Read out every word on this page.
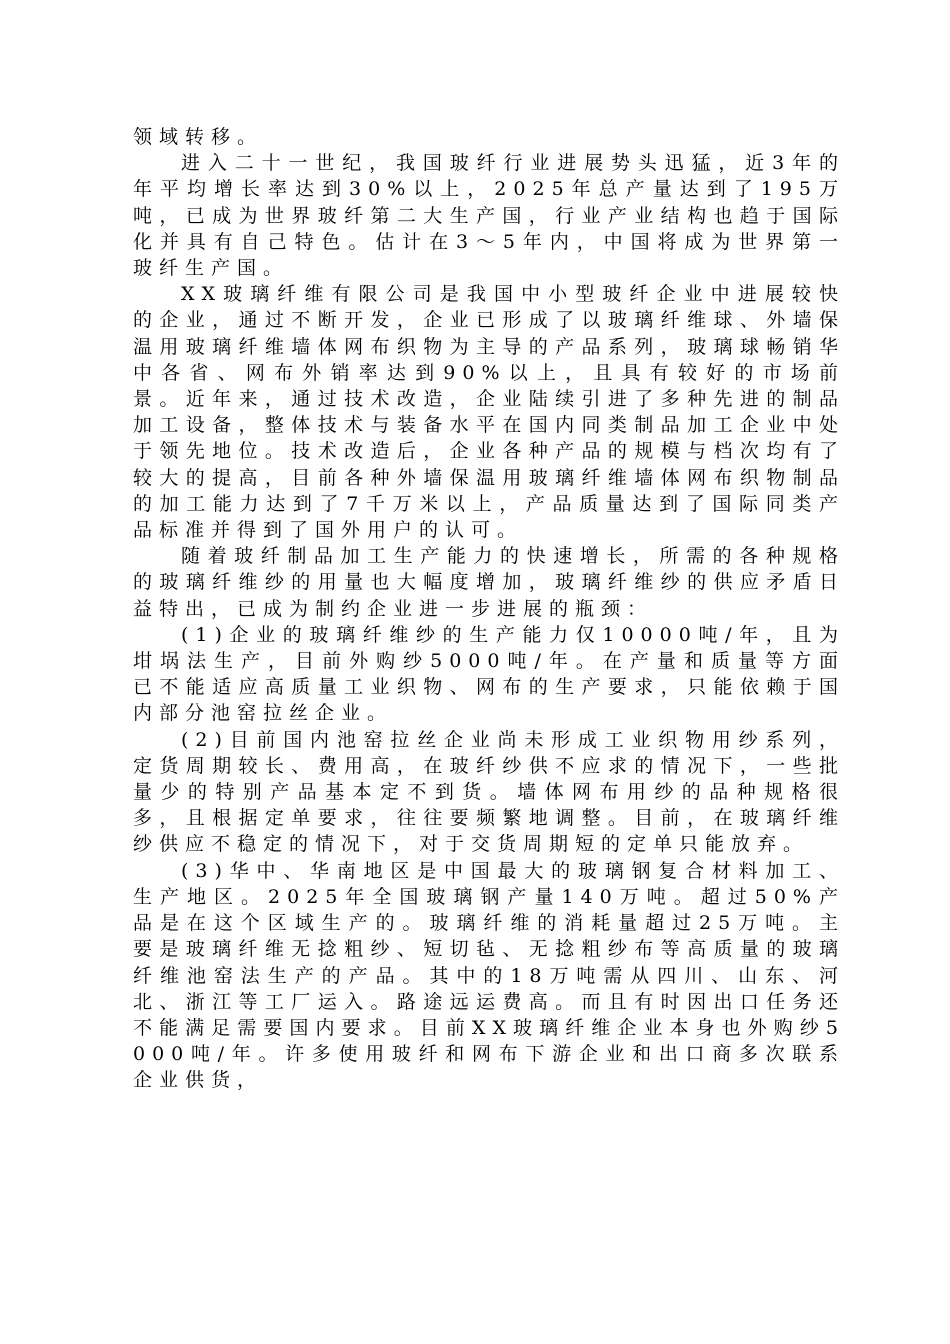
领域转移。

进入二十一世纪，我国玻纤行业进展势头迅猛，近3年的年平均增长率达到30%以上，2025年总产量达到了195万吨，已成为世界玻纤第二大生产国，行业产业结构也趋于国际化并具有自己特色。估计在3～5年内，中国将成为世界第一玻纤生产国。

XX玻璃纤维有限公司是我国中小型玻纤企业中进展较快的企业，通过不断开发，企业已形成了以玻璃纤维球、外墙保温用玻璃纤维墙体网布织物为主导的产品系列，玻璃球畅销华中各省、网布外销率达到90%以上，且具有较好的市场前景。近年来，通过技术改造，企业陆续引进了多种先进的制品加工设备，整体技术与装备水平在国内同类制品加工企业中处于领先地位。技术改造后，企业各种产品的规模与档次均有了较大的提高，目前各种外墙保温用玻璃纤维墙体网布织物制品的加工能力达到了7千万米以上，产品质量达到了国际同类产品标准并得到了国外用户的认可。

随着玻纤制品加工生产能力的快速增长，所需的各种规格的玻璃纤维纱的用量也大幅度增加，玻璃纤维纱的供应矛盾日益特出，已成为制约企业进一步进展的瓶颈：

(1)企业的玻璃纤维纱的生产能力仅10000吨/年，且为坩埚法生产，目前外购纱5000吨/年。在产量和质量等方面已不能适应高质量工业织物、网布的生产要求，只能依赖于国内部分池窑拉丝企业。

(2)目前国内池窑拉丝企业尚未形成工业织物用纱系列，定货周期较长、费用高，在玻纤纱供不应求的情况下，一些批量少的特别产品基本定不到货。墙体网布用纱的品种规格很多，且根据定单要求，往往要频繁地调整。目前，在玻璃纤维纱供应不稳定的情况下，对于交货周期短的定单只能放弃。

(3)华中、华南地区是中国最大的玻璃钢复合材料加工、生产地区。2025年全国玻璃钢产量140万吨。超过50%产品是在这个区域生产的。玻璃纤维的消耗量超过25万吨。主要是玻璃纤维无捻粗纱、短切毡、无捻粗纱布等高质量的玻璃纤维池窑法生产的产品。其中的18万吨需从四川、山东、河北、浙江等工厂运入。路途远运费高。而且有时因出口任务还不能满足需要国内要求。目前XX玻璃纤维企业本身也外购纱5000吨/年。许多使用玻纤和网布下游企业和出口商多次联系企业供货，
